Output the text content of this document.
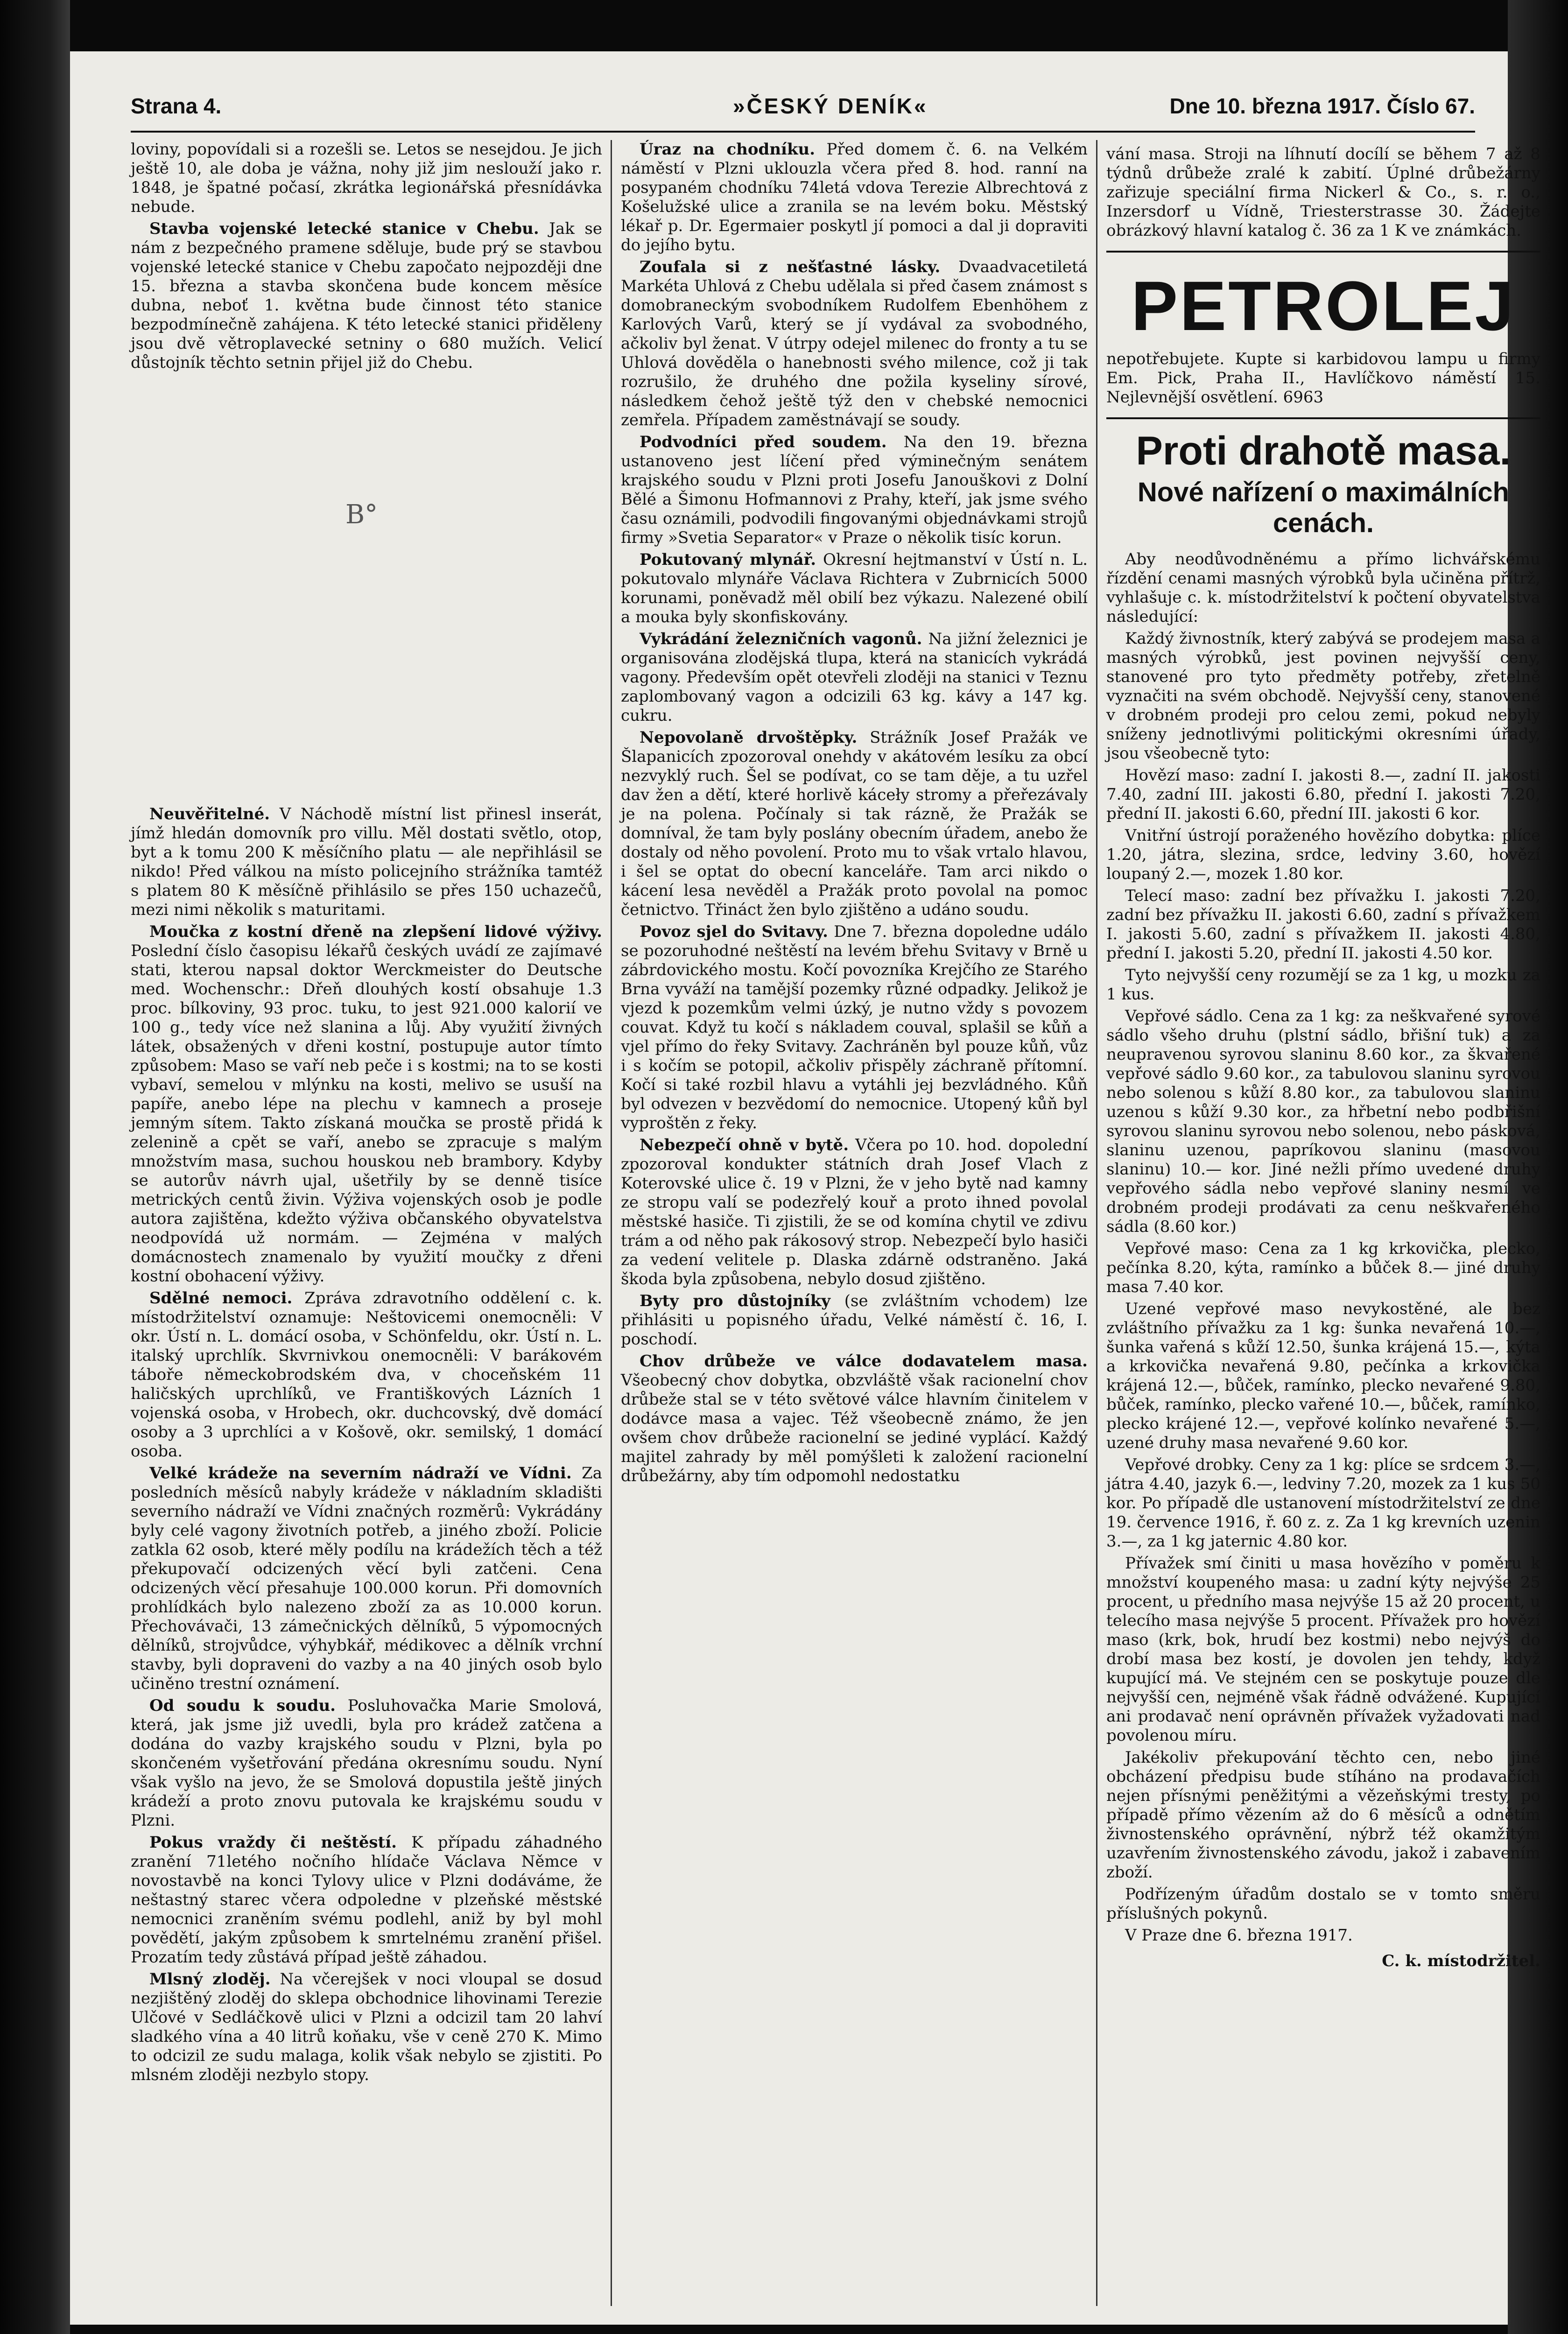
Strana 4.	»ČESKÝ DENÍK«	Dne 10. března 1917. Číslo 67.
B°

loviny, popovídali si a rozešli se. Letos se nesejdou. Je jich ještě 10, ale doba je vážna, nohy již jim neslouží jako r. 1848, je špatné počasí, zkrátka legionářská přesnídávka nebude.

Stavba vojenské letecké stanice v Chebu. Jak se nám z bezpečného pramene sděluje, bude prý se stavbou vojenské letecké stanice v Chebu započato nejpozději dne 15. března a stavba skončena bude koncem měsíce dubna, neboť 1. května bude činnost této stanice bezpodmínečně zahájena. K této letecké stanici přiděleny jsou dvě větroplavecké setniny o 680 mužích. Velicí důstojník těchto setnin přijel již do Chebu.

Neuvěřitelné. V Náchodě místní list přinesl inserát, jímž hledán domovník pro villu. Měl dostati světlo, otop, byt a k tomu 200 K měsíčního platu — ale nepřihlásil se nikdo! Před válkou na místo policejního strážníka tamtéž s platem 80 K měsíčně přihlásilo se přes 150 uchazečů, mezi nimi několik s maturitami.

Moučka z kostní dřeně na zlepšení lidové výživy. Poslední číslo časopisu lékařů českých uvádí ze zajímavé stati, kterou napsal doktor Werckmeister do Deutsche med. Wochenschr.: Dřeň dlouhých kostí obsahuje 1.3 proc. bílkoviny, 93 proc. tuku, to jest 921.000 kalorií ve 100 g., tedy více než slanina a lůj. Aby využití živných látek, obsažených v dřeni kostní, postupuje autor tímto způsobem: Maso se vaří neb peče i s kostmi; na to se kosti vybaví, semelou v mlýnku na kosti, melivo se usuší na papíře, anebo lépe na plechu v kamnech a proseje jemným sítem. Takto získaná moučka se prostě přidá k zelenině a cpět se vaří, anebo se zpracuje s malým množstvím masa, suchou houskou neb brambory. Kdyby se autorův návrh ujal, ušetřily by se denně tisíce metrických centů živin. Výživa vojenských osob je podle autora zajištěna, kdežto výživa občanského obyvatelstva neodpovídá už normám. — Zejména v malých domácnostech znamenalo by využití moučky z dřeni kostní obohacení výživy.

Sdělné nemoci. Zpráva zdravotního oddělení c. k. místodržitelství oznamuje: Neštovicemi onemocněli: V okr. Ústí n. L. domácí osoba, v Schönfeldu, okr. Ústí n. L. italský uprchlík. Skvrnivkou onemocněli: V barákovém táboře německobrodském dva, v choceňském 11 haličských uprchlíků, ve Františkových Lázních 1 vojenská osoba, v Hrobech, okr. duchcovský, dvě domácí osoby a 3 uprchlíci a v Košově, okr. semilský, 1 domácí osoba.

Velké krádeže na severním nádraží ve Vídni. Za posledních měsíců nabyly krádeže v nákladním skladišti severního nádraží ve Vídni značných rozměrů: Vykrádány byly celé vagony životních potřeb, a jiného zboží. Policie zatkla 62 osob, které měly podílu na krádežích těch a též překupovačí odcizených věcí byli zatčeni. Cena odcizených věcí přesahuje 100.000 korun. Při domovních prohlídkách bylo nalezeno zboží za as 10.000 korun. Přechovávači, 13 zámečnických dělníků, 5 výpomocných dělníků, strojvůdce, výhybkář, médikovec a dělník vrchní stavby, byli dopraveni do vazby a na 40 jiných osob bylo učiněno trestní oznámení.

Od soudu k soudu. Posluhovačka Marie Smolová, která, jak jsme již uvedli, byla pro krádež zatčena a dodána do vazby krajského soudu v Plzni, byla po skončeném vyšetřování předána okresnímu soudu. Nyní však vyšlo na jevo, že se Smolová dopustila ještě jiných krádeží a proto znovu putovala ke krajskému soudu v Plzni.

Pokus vraždy či neštěstí. K případu záhadného zranění 71letého nočního hlídače Václava Němce v novostavbě na konci Tylovy ulice v Plzni dodáváme, že neštastný starec včera odpoledne v plzeňské městské nemocnici zraněním svému podlehl, aniž by byl mohl povědětí, jakým způsobem k smrtelnému zranění přišel. Prozatím tedy zůstává případ ještě záhadou.

Mlsný zloděj. Na včerejšek v noci vloupal se dosud nezjištěný zloděj do sklepa obchodnice lihovinami Terezie Ulčové v Sedláčkově ulici v Plzni a odcizil tam 20 lahví sladkého vína a 40 litrů koňaku, vše v ceně 270 K. Mimo to odcizil ze sudu malaga, kolik však nebylo se zjistiti. Po mlsném zloději nezbylo stopy.

Úraz na chodníku. Před domem č. 6. na Velkém náměstí v Plzni uklouzla včera před 8. hod. ranní na posypaném chodníku 74letá vdova Terezie Albrechtová z Košelužské ulice a zranila se na levém boku. Městský lékař p. Dr. Egermaier poskytl jí pomoci a dal ji dopraviti do jejího bytu.

Zoufala si z nešťastné lásky. Dvaadvacetiletá Markéta Uhlová z Chebu udělala si před časem známost s domobraneckým svobodníkem Rudolfem Ebenhöhem z Karlových Varů, který se jí vydával za svobodného, ačkoliv byl ženat. V útrpy odejel milenec do fronty a tu se Uhlová dověděla o hanebnosti svého milence, což ji tak rozrušilo, že druhého dne požila kyseliny sírové, následkem čehož ještě týž den v chebské nemocnici zemřela. Případem zaměstnávají se soudy.

Podvodníci před soudem. Na den 19. března ustanoveno jest líčení před výminečným senátem krajského soudu v Plzni proti Josefu Janouškovi z Dolní Bělé a Šimonu Hofmannovi z Prahy, kteří, jak jsme svého času oznámili, podvodili fingovanými objednávkami strojů firmy »Svetia Separator« v Praze o několik tisíc korun.

Pokutovaný mlynář. Okresní hejtmanství v Ústí n. L. pokutovalo mlynáře Václava Richtera v Zubrnicích 5000 korunami, poněvadž měl obilí bez výkazu. Nalezené obilí a mouka byly skonfiskovány.

Vykrádání železničních vagonů. Na jižní železnici je organisována zlodějská tlupa, která na stanicích vykrádá vagony. Především opět otevřeli zloději na stanici v Teznu zaplombovaný vagon a odcizili 63 kg. kávy a 147 kg. cukru.

Nepovolaně drvoštěpky. Strážník Josef Pražák ve Šlapanicích zpozoroval onehdy v akátovém lesíku za obcí nezvyklý ruch. Šel se podívat, co se tam děje, a tu uzřel dav žen a dětí, které horlivě káceły stromy a přeřezávaly je na polena. Počínaly si tak rázně, že Pražák se domníval, že tam byly poslány obecním úřadem, anebo že dostaly od něho povolení. Proto mu to však vrtalo hlavou, i šel se optat do obecní kanceláře. Tam arci nikdo o kácení lesa nevěděl a Pražák proto povolal na pomoc četnictvo. Třináct žen bylo zjištěno a udáno soudu.

Povoz sjel do Svitavy. Dne 7. března dopoledne událo se pozoruhodné neštěstí na levém břehu Svitavy v Brně u zábrdovického mostu. Kočí povozníka Krejčího ze Starého Brna vyváží na tamější pozemky různé odpadky. Jelikož je vjezd k pozemkům velmi úzký, je nutno vždy s povozem couvat. Když tu kočí s nákladem couval, splašil se kůň a vjel přímo do řeky Svitavy. Zachráněn byl pouze kůň, vůz i s kočím se potopil, ačkoliv přispěly záchraně přítomní. Kočí si také rozbil hlavu a vytáhli jej bezvládného. Kůň byl odvezen v bezvědomí do nemocnice. Utopený kůň byl vyproštěn z řeky.

Nebezpečí ohně v bytě. Včera po 10. hod. dopolední zpozoroval kondukter státních drah Josef Vlach z Koterovské ulice č. 19 v Plzni, že v jeho bytě nad kamny ze stropu valí se podezřelý kouř a proto ihned povolal městské hasiče. Ti zjistili, že se od komína chytil ve zdivu trám a od něho pak rákosový strop. Nebezpečí bylo hasiči za vedení velitele p. Dlaska zdárně odstraněno. Jaká škoda byla způsobena, nebylo dosud zjištěno.

Byty pro důstojníky (se zvláštním vchodem) lze přihlásiti u popisného úřadu, Velké náměstí č. 16, I. poschodí.

Chov drůbeže ve válce dodavatelem masa. Všeobecný chov dobytka, obzvláště však racionelní chov drůbeže stal se v této světové válce hlavním činitelem v dodávce masa a vajec. Též všeobecně známo, že jen ovšem chov drůbeže racionelní se jediné vyplácí. Každý majitel zahrady by měl pomýšleti k založení racionelní drůbežárny, aby tím odpomohl nedostatku

vání masa. Stroji na líhnutí docílí se během 7 až 8 týdnů drůbeže zralé k zabití. Úplné drůbežárny zařizuje speciální firma Nickerl & Co., s. r. o., Inzersdorf u Vídně, Triesterstrasse 30. Žádejte obrázkový hlavní katalog č. 36 za 1 K ve známkách.

PETROLEJ

nepotřebujete. Kupte si karbidovou lampu u firmy Em. Pick, Praha II., Havlíčkovo náměstí 15. Nejlevnější osvětlení. 6963

Proti drahotě masa.
Nové nařízení o maximálních cenách.

Aby neodůvodněnému a přímo lichvářskému řízdění cenami masných výrobků byla učiněna přítrž, vyhlašuje c. k. místodržitelství k počtení obyvatelstva následující:

Každý živnostník, který zabývá se prodejem masa a masných výrobků, jest povinen nejvyšší ceny, stanovené pro tyto předměty potřeby, zřetelně vyznačiti na svém obchodě. Nejvyšší ceny, stanovené v drobném prodeji pro celou zemi, pokud nebyly sníženy jednotlivými politickými okresními úřady, jsou všeobecně tyto:

Hovězí maso: zadní I. jakosti 8.—, zadní II. jakosti 7.40, zadní III. jakosti 6.80, přední I. jakosti 7.20, přední II. jakosti 6.60, přední III. jakosti 6 kor.

Vnitřní ústrojí poraženého hovězího dobytka: plíce 1.20, játra, slezina, srdce, ledviny 3.60, hovězí loupaný 2.—, mozek 1.80 kor.

Telecí maso: zadní bez přívažku I. jakosti 7.20, zadní bez přívažku II. jakosti 6.60, zadní s přívažkem I. jakosti 5.60, zadní s přívažkem II. jakosti 4.80, přední I. jakosti 5.20, přední II. jakosti 4.50 kor.

Tyto nejvyšší ceny rozumějí se za 1 kg, u mozku za 1 kus.

Vepřové sádlo. Cena za 1 kg: za neškvařené syrové sádlo všeho druhu (plstní sádlo, břišní tuk) a za neupravenou syrovou slaninu 8.60 kor., za škvařené vepřové sádlo 9.60 kor., za tabulovou slaninu syrovou nebo solenou s kůží 8.80 kor., za tabulovou slaninu uzenou s kůží 9.30 kor., za hřbetní nebo podbřišní syrovou slaninu syrovou nebo solenou, nebo pásková, slaninu uzenou, papríkovou slaninu (masovou slaninu) 10.— kor. Jiné nežli přímo uvedené druhy vepřového sádla nebo vepřové slaniny nesmí ve drobném prodeji prodávati za cenu neškvařeného sádla (8.60 kor.)

Vepřové maso: Cena za 1 kg krkovička, plecko, pečínka 8.20, kýta, ramínko a bůček 8.— jiné druhy masa 7.40 kor.

Uzené vepřové maso nevykostěné, ale bez zvláštního přívažku za 1 kg: šunka nevařená 10.—, šunka vařená s kůží 12.50, šunka krájená 15.—, kýta a krkovička nevařená 9.80, pečínka a krkovička krájená 12.—, bůček, ramínko, plecko nevařené 9.80, bůček, ramínko, plecko vařené 10.—, bůček, ramínko, plecko krájené 12.—, vepřové kolínko nevařené 5.—, uzené druhy masa nevařené 9.60 kor.

Vepřové drobky. Ceny za 1 kg: plíce se srdcem 3.—, játra 4.40, jazyk 6.—, ledviny 7.20, mozek za 1 kus 50 kor. Po případě dle ustanovení místodržitelství ze dne 19. července 1916, ř. 60 z. z. Za 1 kg krevních uzenin 3.—, za 1 kg jaternic 4.80 kor.

Přívažek smí činiti u masa hovězího v poměru k množství koupeného masa: u zadní kýty nejvýše 25 procent, u předního masa nejvýše 15 až 20 procent, u telecího masa nejvýše 5 procent. Přívažek pro hovězí maso (krk, bok, hrudí bez kostmi) nebo nejvýš do drobí masa bez kostí, je dovolen jen tehdy, když kupující má. Ve stejném cen se poskytuje pouze dle nejvyšší cen, nejméně však řádně odvážené. Kupující ani prodavač není oprávněn přívažek vyžadovati nad povolenou míru.

Jakékoliv překupování těchto cen, nebo jiné obcházení předpisu bude stíháno na prodavačích nejen přísnými peněžitými a vězeňskými tresty, po případě přímo vězením až do 6 měsíců a odnětím živnostenského oprávnění, nýbrž též okamžitým uzavřením živnostenského závodu, jakož i zabavením zboží.

Podřízeným úřadům dostalo se v tomto směru příslušných pokynů.

V Praze dne 6. března 1917.

C. k. místodržitel.
